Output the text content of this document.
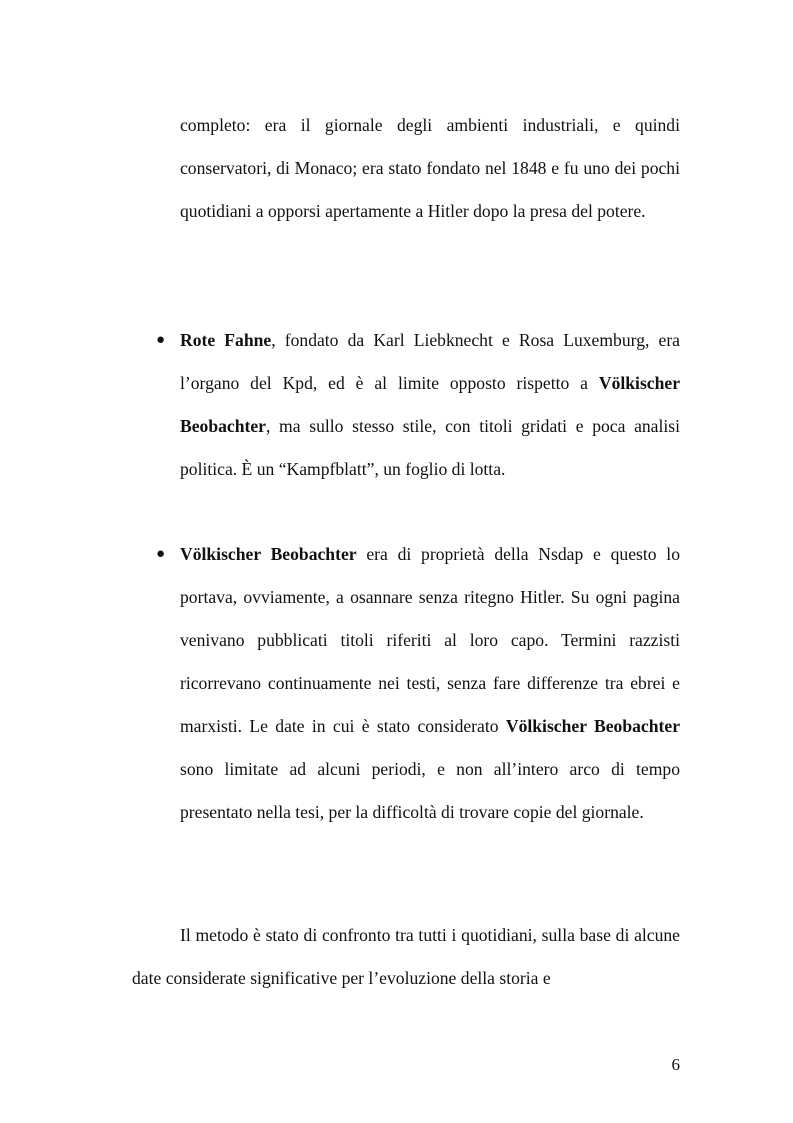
completo: era il giornale degli ambienti industriali, e quindi conservatori, di Monaco; era stato fondato nel 1848 e fu uno dei pochi quotidiani a opporsi apertamente a Hitler dopo la presa del potere.
● Rote Fahne, fondato da Karl Liebknecht e Rosa Luxemburg, era l’organo del Kpd, ed è al limite opposto rispetto a Völkischer Beobachter, ma sullo stesso stile, con titoli gridati e poca analisi politica. È un “Kampfblatt”, un foglio di lotta.
● Völkischer Beobachter era di proprietà della Nsdap e questo lo portava, ovviamente, a osannare senza ritegno Hitler. Su ogni pagina venivano pubblicati titoli riferiti al loro capo. Termini razzisti ricorrevano continuamente nei testi, senza fare differenze tra ebrei e marxisti. Le date in cui è stato considerato Völkischer Beobachter sono limitate ad alcuni periodi, e non all’intero arco di tempo presentato nella tesi, per la difficoltà di trovare copie del giornale.
Il metodo è stato di confronto tra tutti i quotidiani, sulla base di alcune date considerate significative per l’evoluzione della storia e
6
